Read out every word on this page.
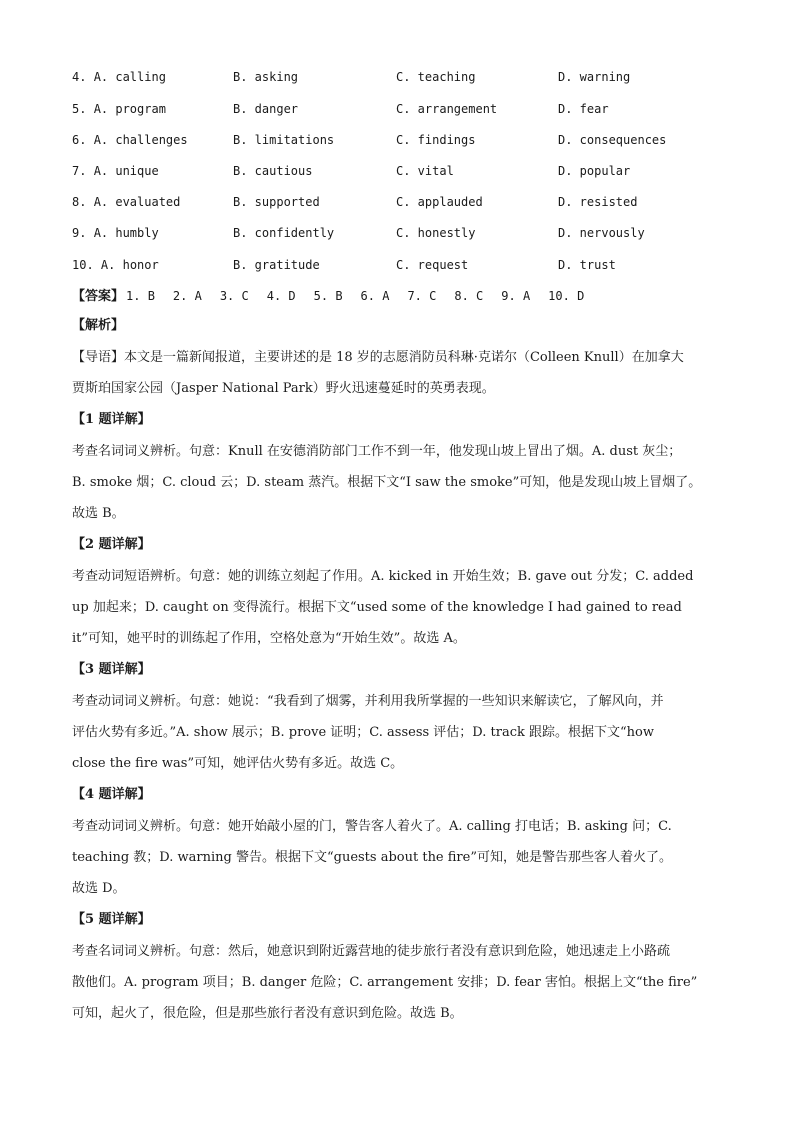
4. A. calling	B. asking	C. teaching	D. warning
5. A. program	B. danger	C. arrangement	D. fear
6. A. challenges	B. limitations	C. findings	D. consequences
7. A. unique	B. cautious	C. vital	D. popular
8. A. evaluated	B. supported	C. applauded	D. resisted
9. A. humbly	B. confidently	C. honestly	D. nervously
10. A. honor	B. gratitude	C. request	D. trust
【答案】 1. B 2. A 3. C 4. D 5. B 6. A 7. C 8. C 9. A 10. D
【解析】
【导语】本文是一篇新闻报道，主要讲述的是 18 岁的志愿消防员科琳·克诺尔（Colleen Knull）在加拿大
贾斯珀国家公园（Jasper National Park）野火迅速蔓延时的英勇表现。
【1 题详解】
考查名词词义辨析。句意：Knull 在安德消防部门工作不到一年，他发现山坡上冒出了烟。A. dust 灰尘；
B. smoke 烟；C. cloud 云；D. steam 蒸汽。根据下文“I saw the smoke”可知，他是发现山坡上冒烟了。
故选 B。
【2 题详解】
考查动词短语辨析。句意：她的训练立刻起了作用。A. kicked in 开始生效；B. gave out 分发；C. added
up 加起来；D. caught on 变得流行。根据下文“used some of the knowledge I had gained to read
it”可知，她平时的训练起了作用，空格处意为“开始生效”。故选 A。
【3 题详解】
考查动词词义辨析。句意：她说：“我看到了烟雾，并利用我所掌握的一些知识来解读它，了解风向，并
评估火势有多近。”A. show 展示；B. prove 证明；C. assess 评估；D. track 跟踪。根据下文“how
close the fire was”可知，她评估火势有多近。故选 C。
【4 题详解】
考查动词词义辨析。句意：她开始敲小屋的门，警告客人着火了。A. calling 打电话；B. asking 问；C.
teaching 教；D. warning 警告。根据下文“guests about the fire”可知，她是警告那些客人着火了。
故选 D。
【5 题详解】
考查名词词义辨析。句意：然后，她意识到附近露营地的徒步旅行者没有意识到危险，她迅速走上小路疏
散他们。A. program 项目；B. danger 危险；C. arrangement 安排；D. fear 害怕。根据上文“the fire”
可知，起火了，很危险，但是那些旅行者没有意识到危险。故选 B。
